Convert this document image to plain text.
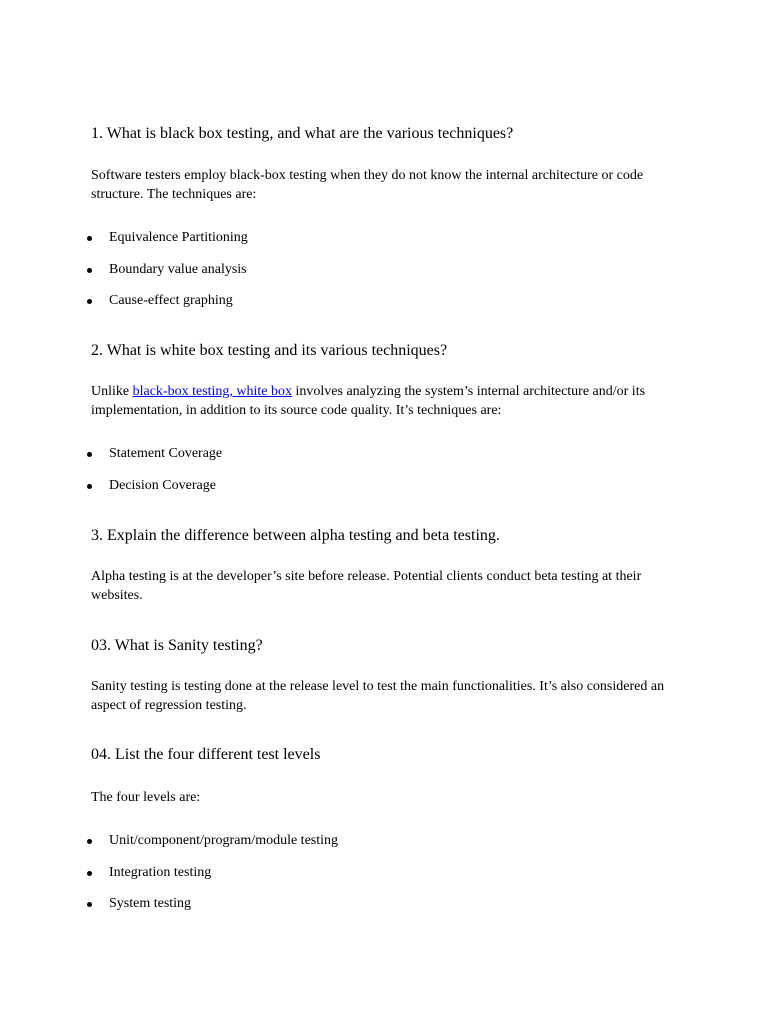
1. What is black box testing, and what are the various techniques?

Software testers employ black-box testing when they do not know the internal architecture or code structure. The techniques are:

Equivalence Partitioning
Boundary value analysis
Cause-effect graphing
2. What is white box testing and its various techniques?

Unlike black-box testing, white box involves analyzing the system’s internal architecture and/or its implementation, in addition to its source code quality. It’s techniques are:

Statement Coverage
Decision Coverage
3. Explain the difference between alpha testing and beta testing.

Alpha testing is at the developer’s site before release. Potential clients conduct beta testing at their websites.

03. What is Sanity testing?

Sanity testing is testing done at the release level to test the main functionalities. It’s also considered an aspect of regression testing.

04. List the four different test levels

The four levels are:

Unit/component/program/module testing
Integration testing
System testing
